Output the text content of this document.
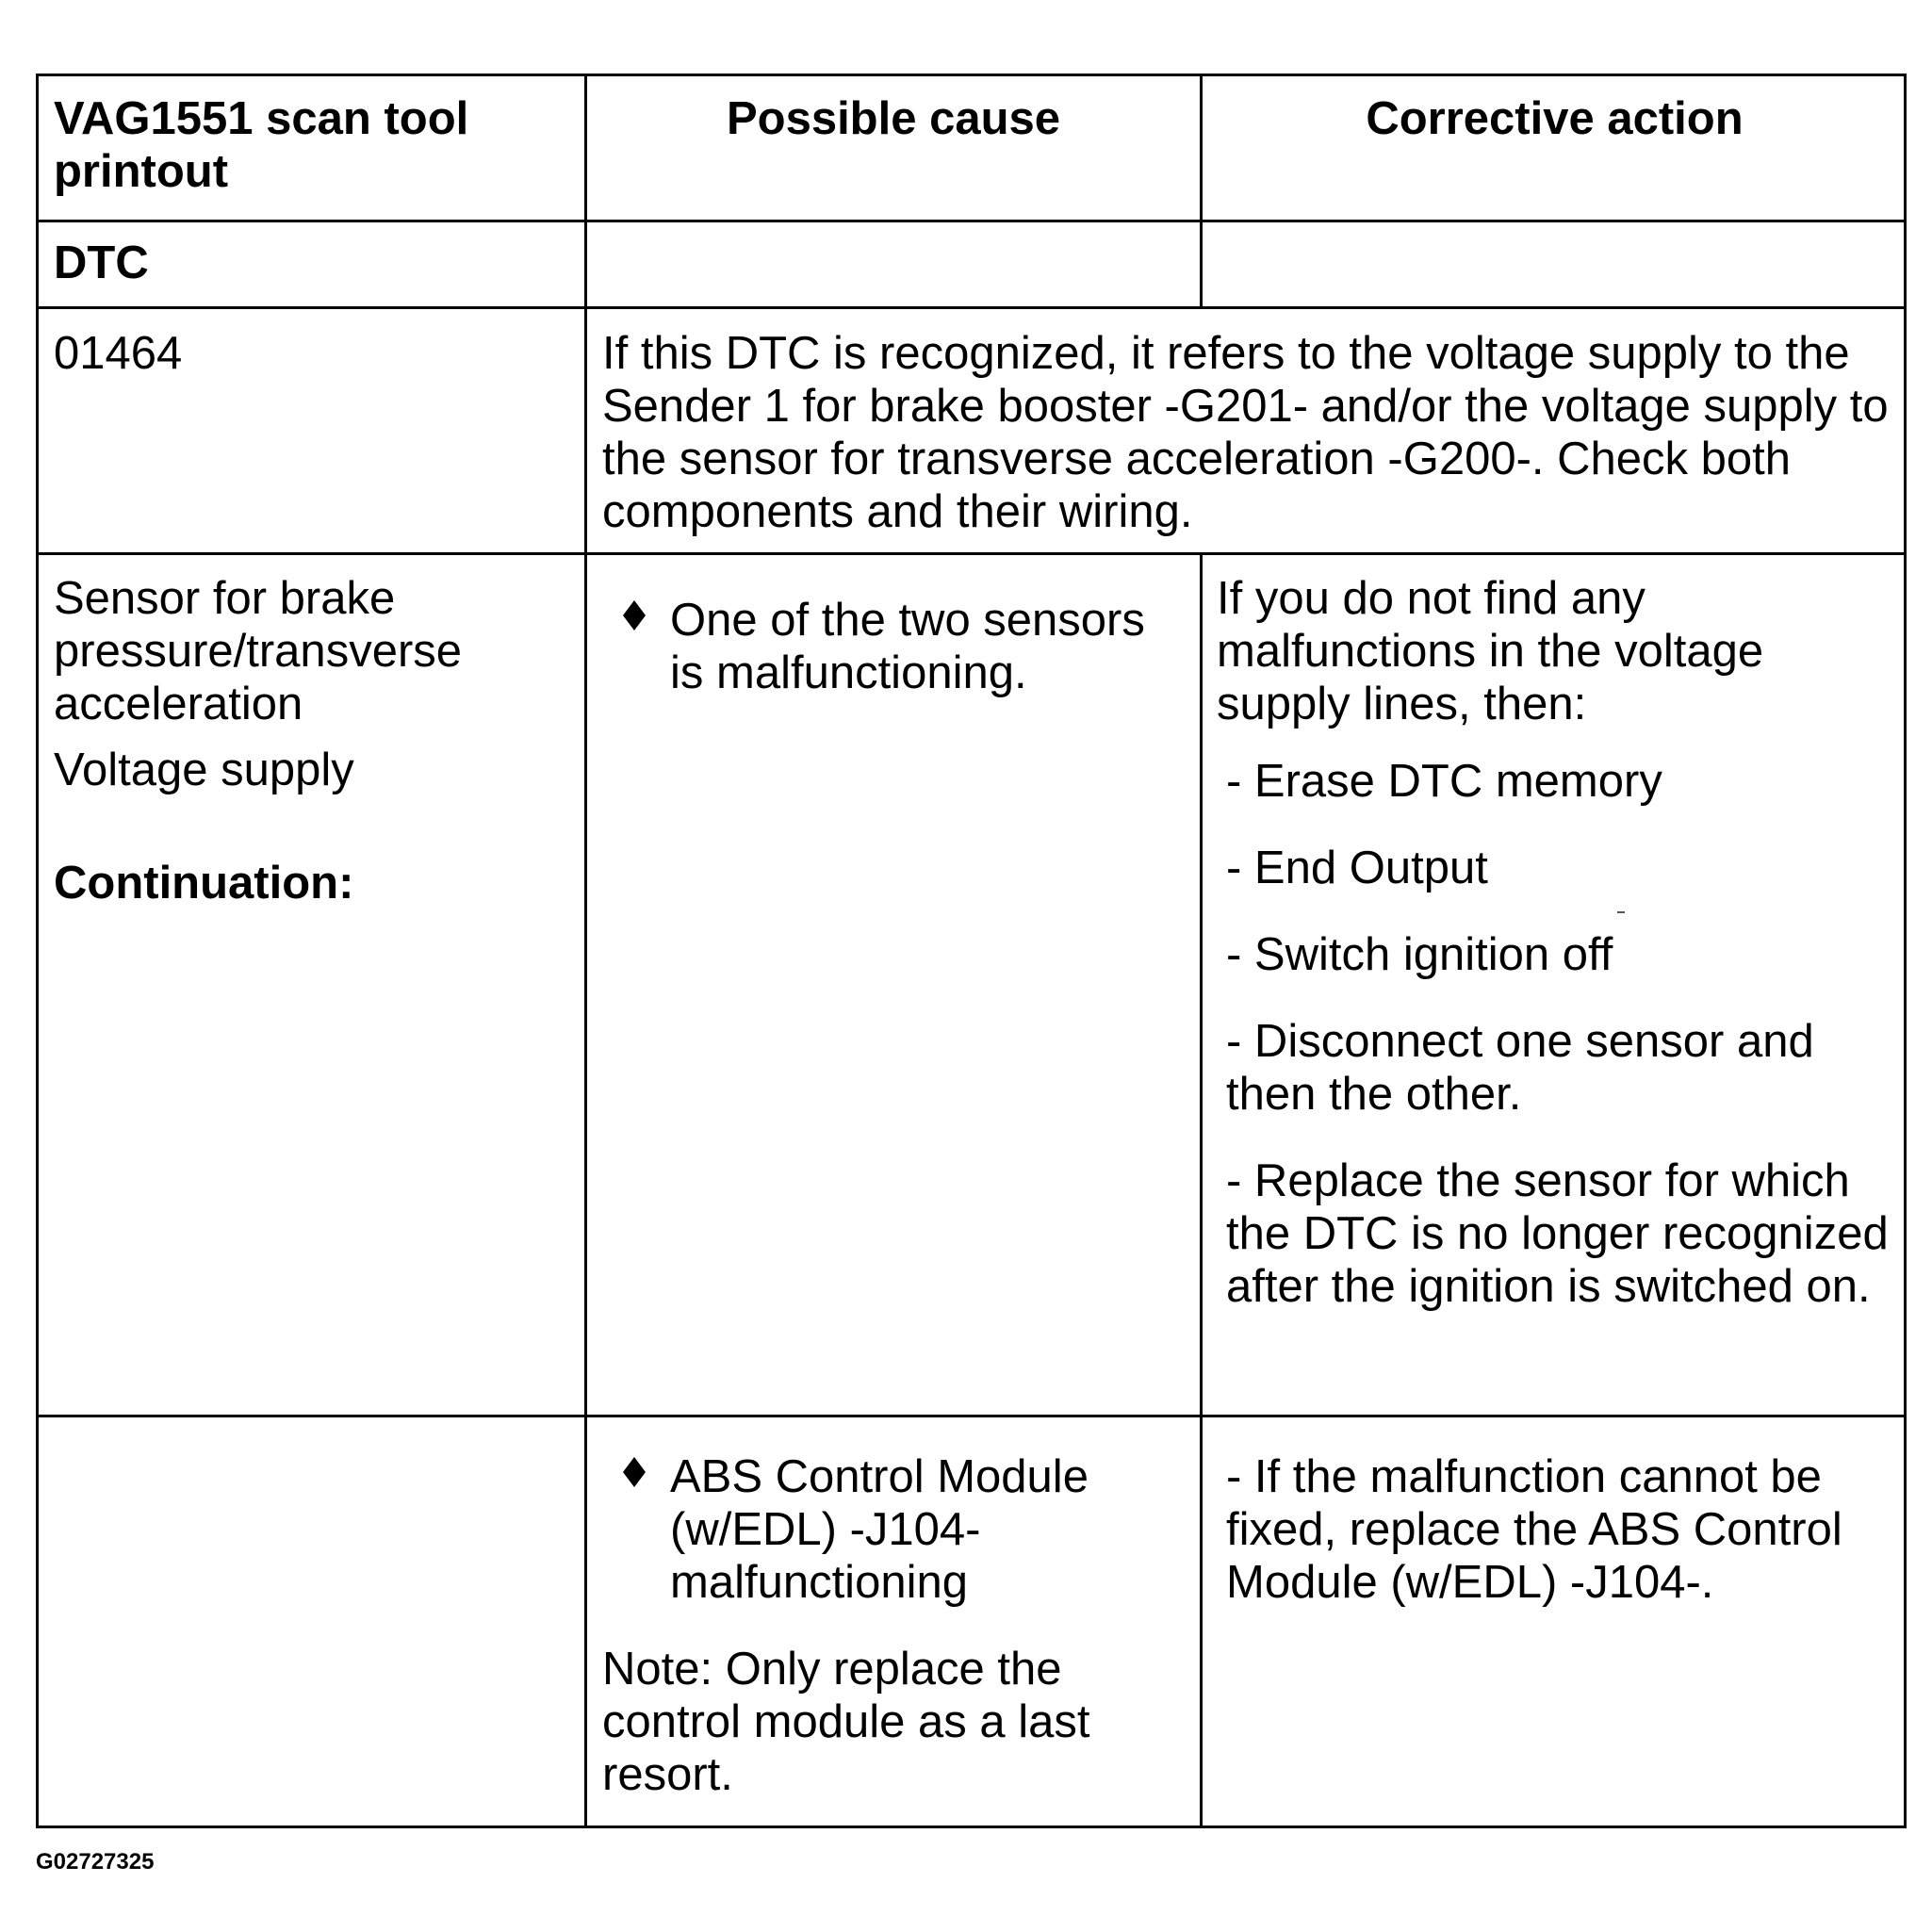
VAG1551 scan tool printout
Possible cause	Corrective action
DTC
01464	If this DTC is recognized, it refers to the voltage supply to the Sender 1 for brake booster -G201- and/or the voltage supply to the sensor for transverse acceleration -G200-. Check both components and their wiring.

Sensor for brake pressure/transverse acceleration

Voltage supply

Continuation:

One of the two sensors is malfunctioning.

If you do not find any malfunctions in the voltage supply lines, then:

- Erase DTC memory

- End Output

- Switch ignition off

- Disconnect one sensor and then the other.

- Replace the sensor for which the DTC is no longer recognized after the ignition is switched on.

ABS Control Module (w/EDL) -J104- malfunctioning

Note: Only replace the control module as a last resort.

- If the malfunction cannot be fixed, replace the ABS Control Module (w/EDL) -J104-.
G02727325
